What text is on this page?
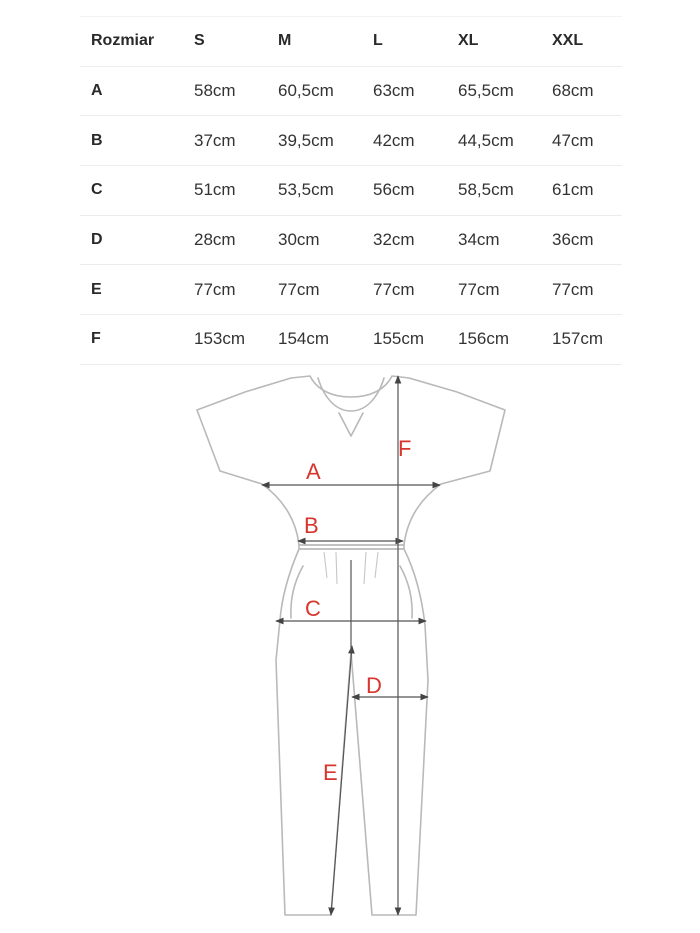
Rozmiar S	M	L	XL	XXL
A	58cm 60,5cm 63cm	65,5cm 68cm
B	37cm 39,5cm 42cm	44,5cm 47cm
C	51cm 53,5cm 56cm	58,5cm 61cm
D	28cm 30cm	32cm	34cm	36cm
E	77cm 77cm	77cm	77cm	77cm
F	153cm 154cm	155cm 156cm	157cm
A
B
C
D
E
F
